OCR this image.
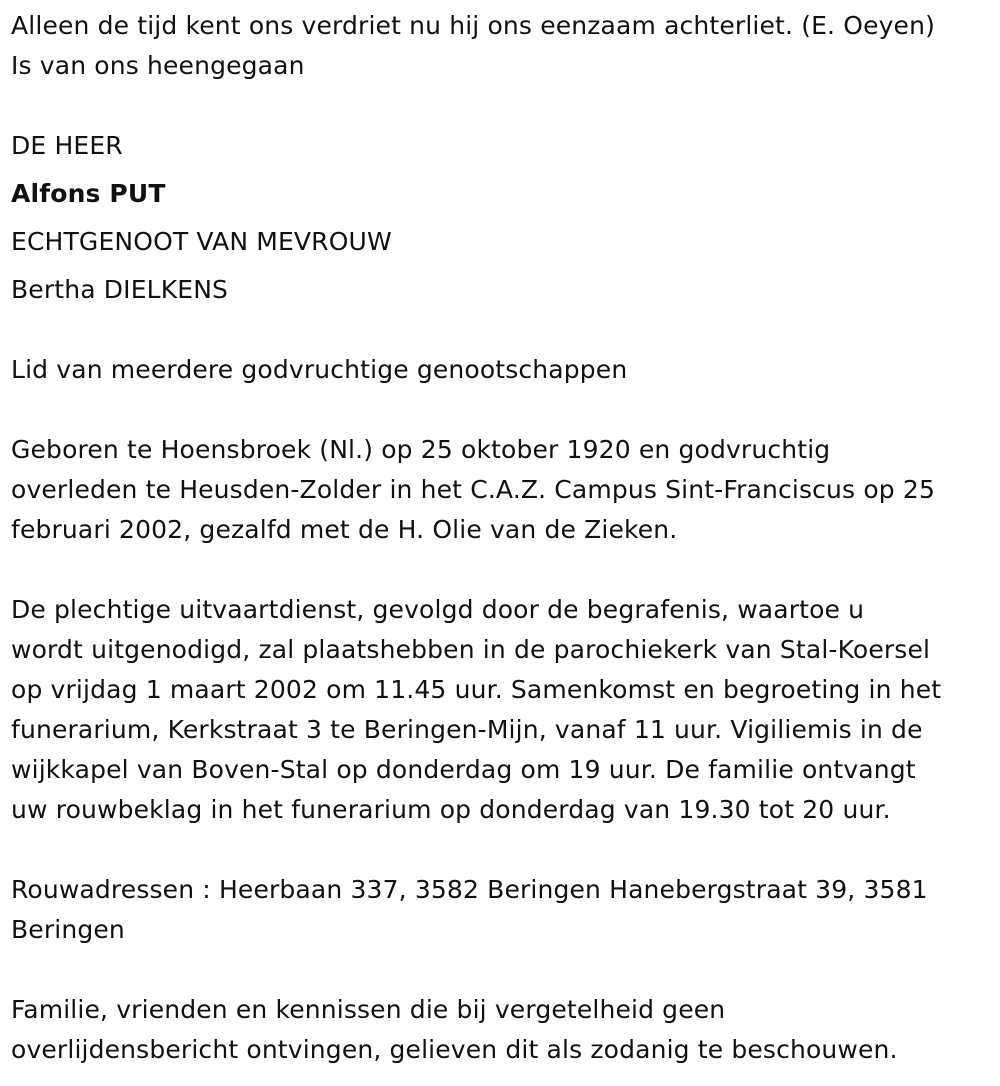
Alleen de tijd kent ons verdriet nu hij ons eenzaam achterliet. (E. Oeyen)
Is van ons heengegaan
DE HEER
Alfons PUT
ECHTGENOOT VAN MEVROUW
Bertha DIELKENS
Lid van meerdere godvruchtige genootschappen
Geboren te Hoensbroek (Nl.) op 25 oktober 1920 en godvruchtig
overleden te Heusden-Zolder in het C.A.Z. Campus Sint-Franciscus op 25
februari 2002, gezalfd met de H. Olie van de Zieken.
De plechtige uitvaartdienst, gevolgd door de begrafenis, waartoe u
wordt uitgenodigd, zal plaatshebben in de parochiekerk van Stal-Koersel
op vrijdag 1 maart 2002 om 11.45 uur. Samenkomst en begroeting in het
funerarium, Kerkstraat 3 te Beringen-Mijn, vanaf 11 uur. Vigiliemis in de
wijkkapel van Boven-Stal op donderdag om 19 uur. De familie ontvangt
uw rouwbeklag in het funerarium op donderdag van 19.30 tot 20 uur.
Rouwadressen : Heerbaan 337, 3582 Beringen Hanebergstraat 39, 3581
Beringen
Familie, vrienden en kennissen die bij vergetelheid geen
overlijdensbericht ontvingen, gelieven dit als zodanig te beschouwen.
